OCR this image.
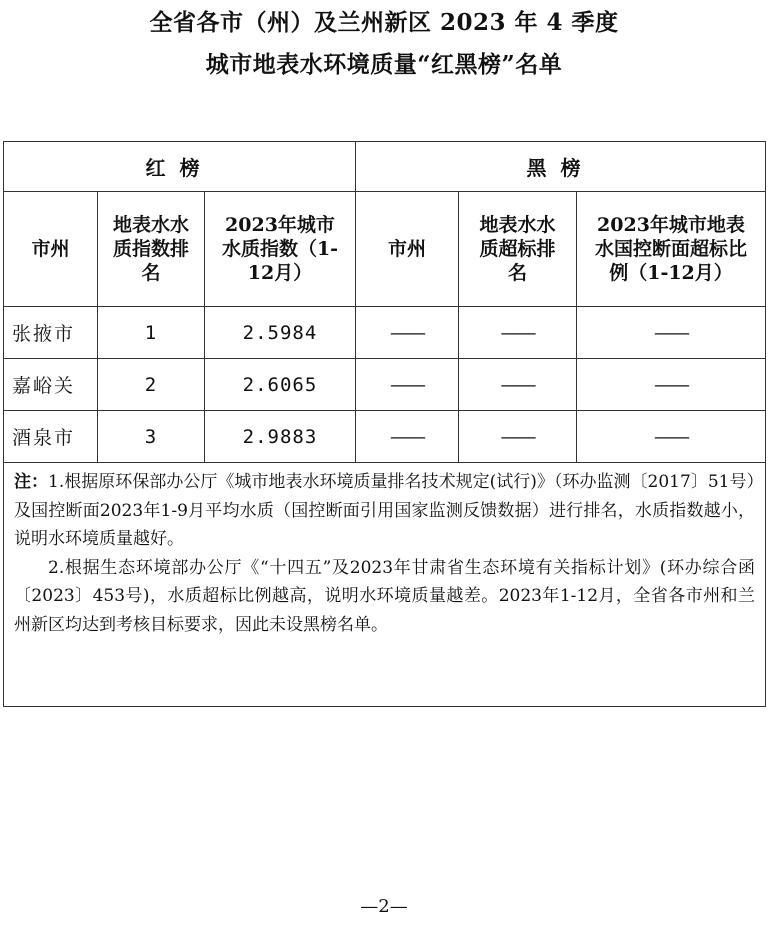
全省各市（州）及兰州新区 2023 年 4 季度
城市地表水环境质量“红黑榜”名单
红榜			黑榜		
市州	地表水水质指数排名	2023年城市水质指数（1-12月）	市州	地表水水质超标排名	2023年城市地表水国控断面超标比例（1-12月）
张掖市	1	2.5984	——	——	——
嘉峪关	2	2.6065	——	——	——
酒泉市	3	2.9883	——	——	——

注：1.根据原环保部办公厅《城市地表水环境质量排名技术规定(试行)》（环办监测〔2017〕51号）及国控断面2023年1-9月平均水质（国控断面引用国家监测反馈数据）进行排名，水质指数越小，说明水环境质量越好。

2.根据生态环境部办公厅《“十四五”及2023年甘肃省生态环境有关指标计划》(环办综合函〔2023〕453号)，水质超标比例越高，说明水环境质量越差。2023年1-12月，全省各市州和兰州新区均达到考核目标要求，因此未设黑榜名单。					

—2—
